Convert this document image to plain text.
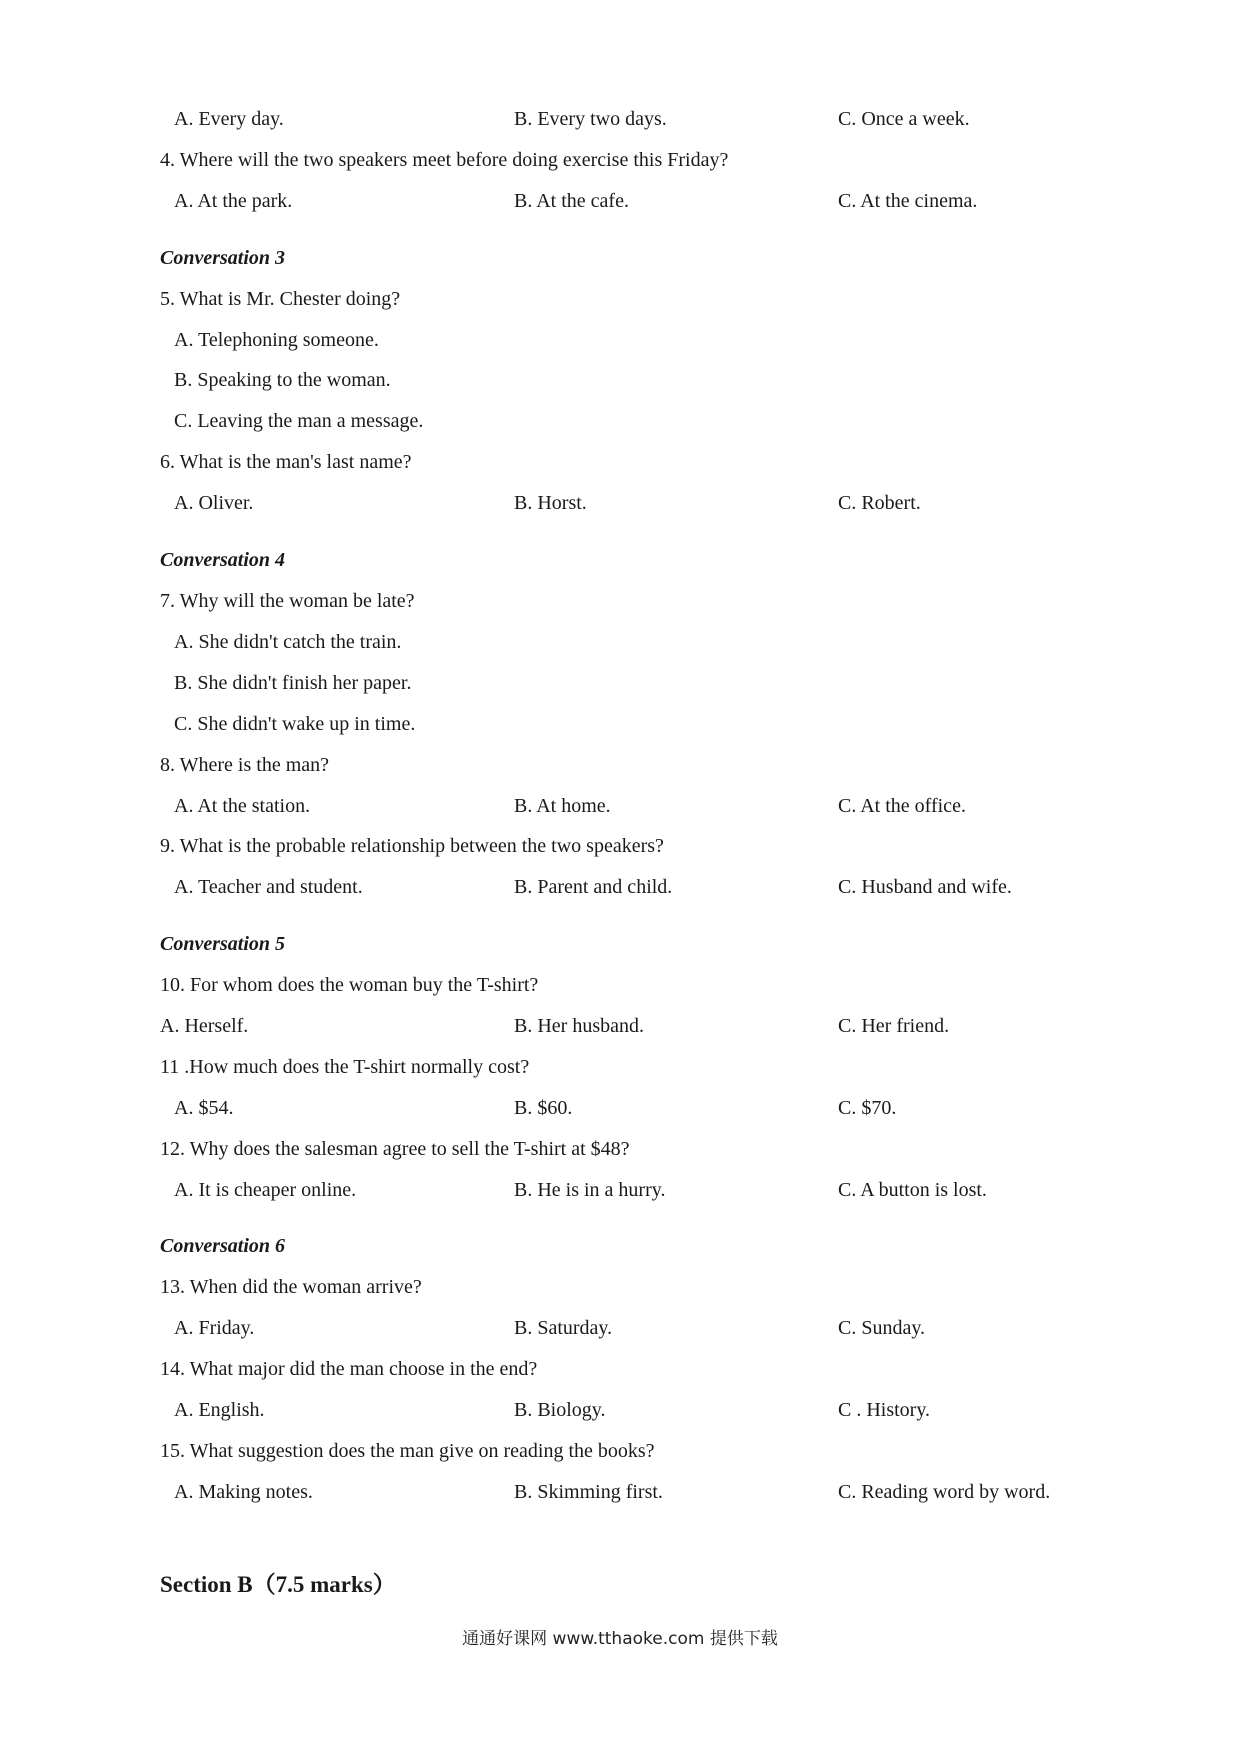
A. Every day.	B. Every two days.	C. Once a week.
4. Where will the two speakers meet before doing exercise this Friday?
A. At the park.	B. At the cafe.	C. At the cinema.
Conversation 3
5. What is Mr. Chester doing?
A. Telephoning someone.
B. Speaking to the woman.
C. Leaving the man a message.
6. What is the man's last name?
A. Oliver.	B. Horst.	C. Robert.
Conversation 4
7. Why will the woman be late?
A. She didn't catch the train.
B. She didn't finish her paper.
C. She didn't wake up in time.
8. Where is the man?
A. At the station.	B. At home.	C. At the office.
9. What is the probable relationship between the two speakers?
A. Teacher and student.	B. Parent and child.	C. Husband and wife.
Conversation 5
10. For whom does the woman buy the T-shirt?
A. Herself.	B. Her husband.	C. Her friend.
11 .How much does the T-shirt normally cost?
A. $54.	B. $60.	C. $70.
12. Why does the salesman agree to sell the T-shirt at $48?
A. It is cheaper online.	B. He is in a hurry.	C. A button is lost.
Conversation 6
13. When did the woman arrive?
A. Friday.	B. Saturday.	C. Sunday.
14. What major did the man choose in the end?
A. English.	B. Biology.	C . History.
15. What suggestion does the man give on reading the books?
A. Making notes.	B. Skimming first.	C. Reading word by word.
Section B（7.5 marks）
通通好课网 www.tthaoke.com 提供下载
